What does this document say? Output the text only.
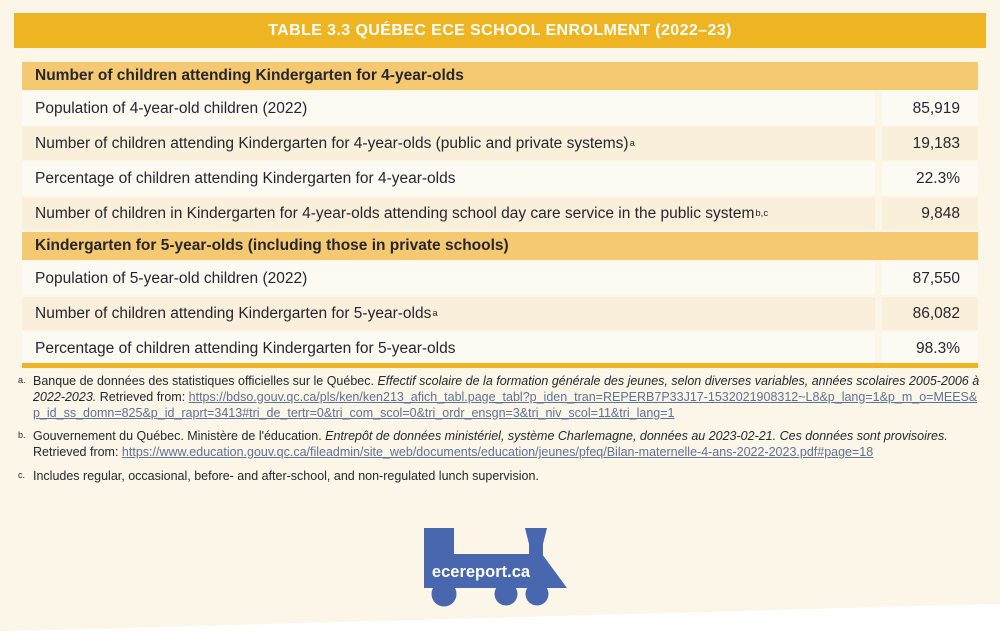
TABLE 3.3 QUÉBEC ECE SCHOOL ENROLMENT (2022–23)
Number of children attending Kindergarten for 4-year-olds
Population of 4-year-old children (2022)	85,919
Number of children attending Kindergarten for 4-year-olds (public and private systems) a	19,183
Percentage of children attending Kindergarten for 4-year-olds	22.3%
Number of children in Kindergarten for 4-year-olds attending school day care service in the public system b,c	9,848
Kindergarten for 5-year-olds (including those in private schools)
Population of 5-year-old children (2022)	87,550
Number of children attending Kindergarten for 5-year-olds a	86,082
Percentage of children attending Kindergarten for 5-year-olds	98.3%
a. Banque de données des statistiques officielles sur le Québec. Effectif scolaire de la formation générale des jeunes, selon diverses variables, années scolaires 2005-2006 à 2022-2023. Retrieved from: https://bdso.gouv.qc.ca/pls/ken/ken213_afich_tabl.page_tabl?p_iden_tran=REPERB7P33J17-1532021908312~L8&p_lang=1&p_m_o=MEES&p_id_ss_domn=825&p_id_raprt=3413#tri_de_tertr=0&tri_com_scol=0&tri_ordr_ensgn=3&tri_niv_scol=11&tri_lang=1
b. Gouvernement du Québec. Ministère de l'éducation. Entrepôt de données ministériel, système Charlemagne, données au 2023-02-21. Ces données sont provisoires. Retrieved from: https://www.education.gouv.qc.ca/fileadmin/site_web/documents/education/jeunes/pfeq/Bilan-maternelle-4-ans-2022-2023.pdf#page=18
c. Includes regular, occasional, before- and after-school, and non-regulated lunch supervision.
ecereport.ca
